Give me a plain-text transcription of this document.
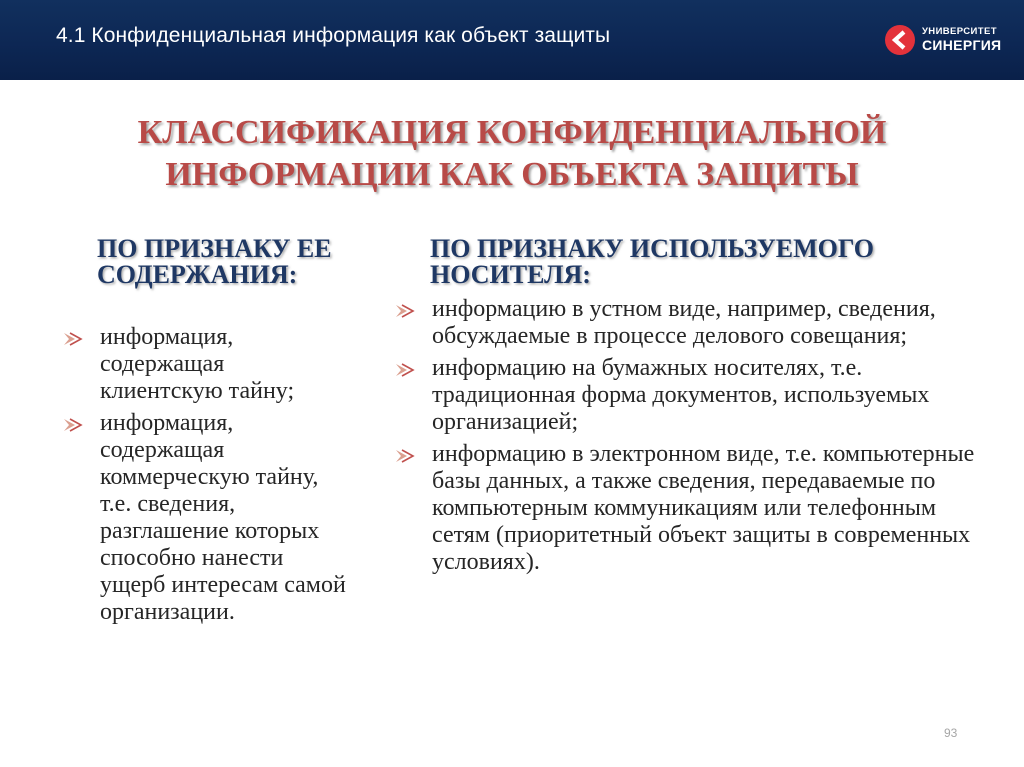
4.1 Конфиденциальная информация как объект защиты	УНИВЕРСИТЕТ
СИНЕРГИЯ
КЛАССИФИКАЦИЯ КОНФИДЕНЦИАЛЬНОЙ
ИНФОРМАЦИИ КАК ОБЪЕКТА ЗАЩИТЫ
ПО ПРИЗНАКУ ЕЕ СОДЕРЖАНИЯ:
информация, содержащая клиентскую тайну;
информация, содержащая коммерческую тайну, т.е. сведения, разглашение которых способно нанести ущерб интересам самой организации.
ПО ПРИЗНАКУ ИСПОЛЬЗУЕМОГО НОСИТЕЛЯ:
информацию в устном виде, например, сведения, обсуждаемые в процессе делового совещания;
информацию на бумажных носителях, т.е. традиционная форма документов, используемых организацией;
информацию в электронном виде, т.е. компьютерные базы данных, а также сведения, передаваемые по компьютерным коммуникациям или телефонным сетям (приоритетный объект защиты в современных условиях).
93
